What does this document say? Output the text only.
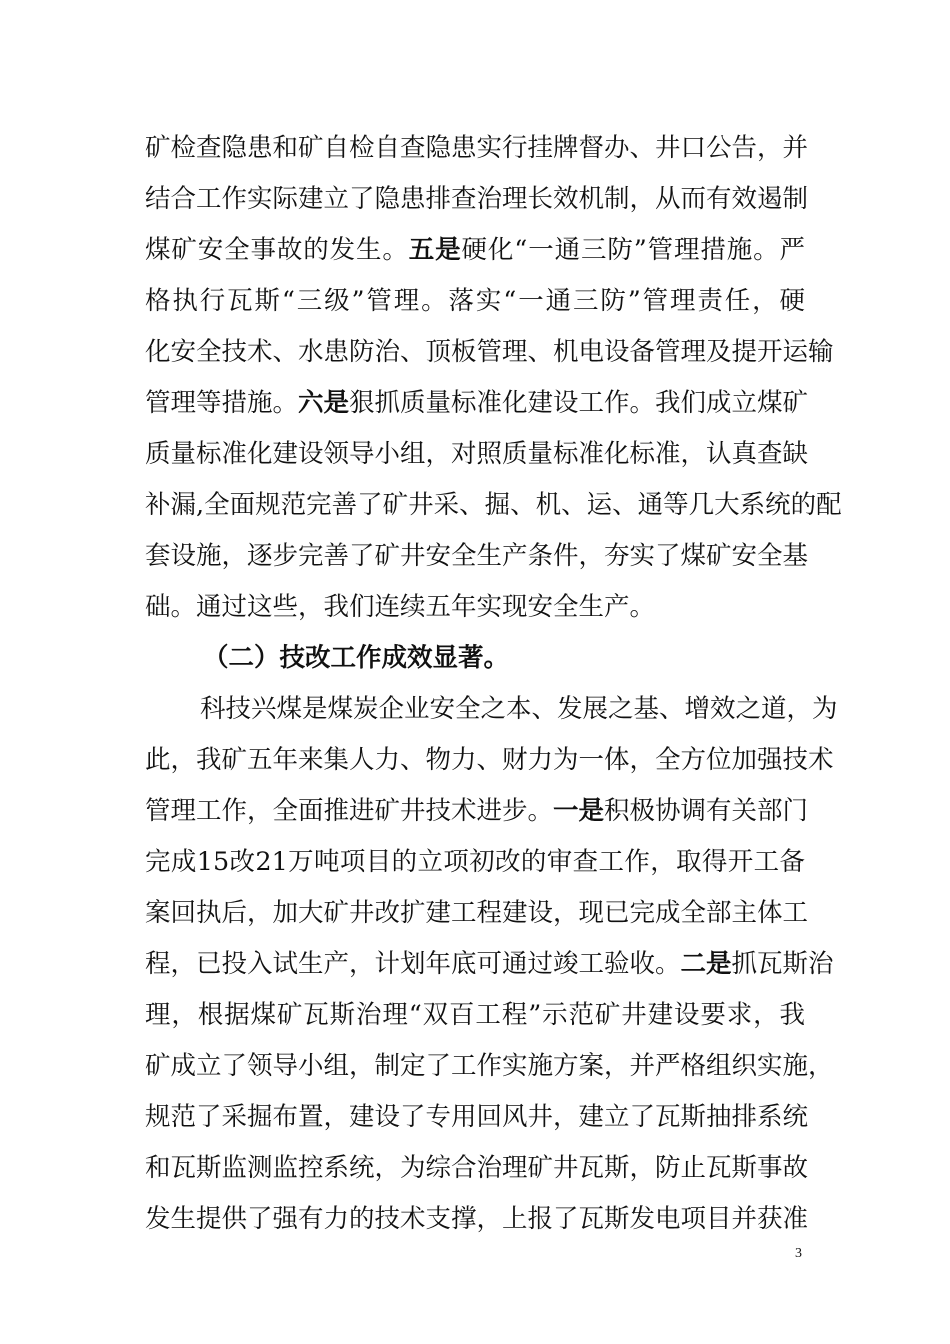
矿检查隐患和矿自检自查隐患实行挂牌督办、井口公告，并
结合工作实际建立了隐患排查治理长效机制，从而有效遏制
煤矿安全事故的发生。五是硬化“一通三防”管理措施。严
格执行瓦斯“三级”管理。落实“一通三防”管理责任，硬
化安全技术、水患防治、顶板管理、机电设备管理及提开运输
管理等措施。六是狠抓质量标准化建设工作。我们成立煤矿
质量标准化建设领导小组，对照质量标准化标准，认真查缺
补漏,全面规范完善了矿井采、掘、机、运、通等几大系统的配
套设施，逐步完善了矿井安全生产条件，夯实了煤矿安全基
础。通过这些，我们连续五年实现安全生产。
（二）技改工作成效显著。
科技兴煤是煤炭企业安全之本、发展之基、增效之道，为
此，我矿五年来集人力、物力、财力为一体，全方位加强技术
管理工作，全面推进矿井技术进步。一是积极协调有关部门
完成15改21万吨项目的立项初改的审查工作，取得开工备
案回执后，加大矿井改扩建工程建设，现已完成全部主体工
程，已投入试生产，计划年底可通过竣工验收。二是抓瓦斯治
理，根据煤矿瓦斯治理“双百工程”示范矿井建设要求，我
矿成立了领导小组，制定了工作实施方案，并严格组织实施，
规范了采掘布置，建设了专用回风井，建立了瓦斯抽排系统
和瓦斯监测监控系统，为综合治理矿井瓦斯，防止瓦斯事故
发生提供了强有力的技术支撑，上报了瓦斯发电项目并获准
3
